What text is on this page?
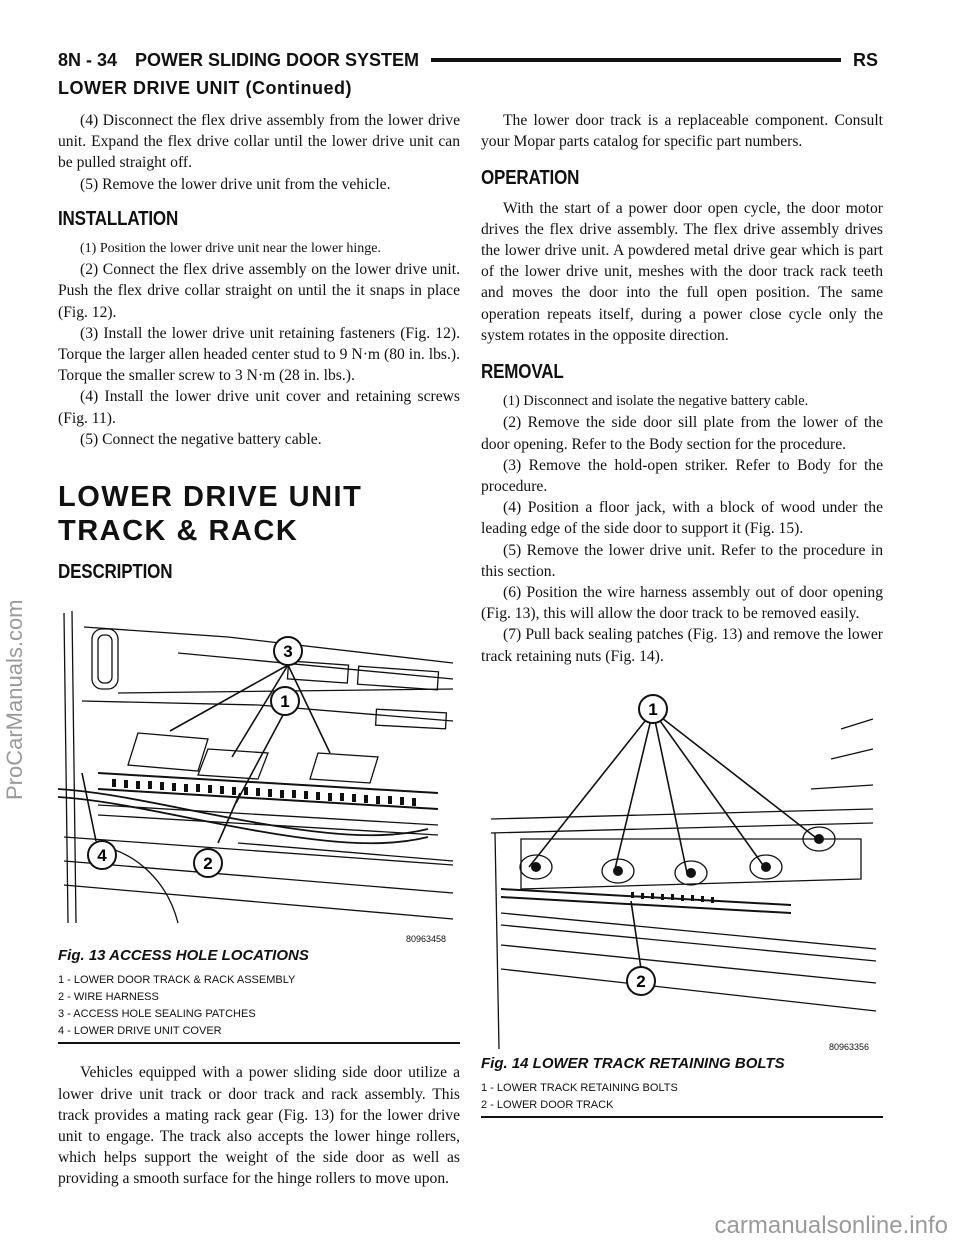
ProCarManuals.com
carmanualsonline.info
8N - 34 POWER SLIDING DOOR SYSTEM	RS
LOWER DRIVE UNIT (Continued)

(4) Disconnect the flex drive assembly from the lower drive unit. Expand the flex drive collar until the lower drive unit can be pulled straight off.

(5) Remove the lower drive unit from the vehicle.

INSTALLATION

(1) Position the lower drive unit near the lower hinge.

(2) Connect the flex drive assembly on the lower drive unit. Push the flex drive collar straight on until the it snaps in place (Fig. 12).

(3) Install the lower drive unit retaining fasteners (Fig. 12). Torque the larger allen headed center stud to 9 N·m (80 in. lbs.). Torque the smaller screw to 3 N·m (28 in. lbs.).

(4) Install the lower drive unit cover and retaining screws (Fig. 11).

(5) Connect the negative battery cable.

LOWER DRIVE UNIT TRACK & RACK
DESCRIPTION
3
1
4	2
80963458
Fig. 13 ACCESS HOLE LOCATIONS
1 - LOWER DOOR TRACK & RACK ASSEMBLY
2 - WIRE HARNESS
3 - ACCESS HOLE SEALING PATCHES
4 - LOWER DRIVE UNIT COVER

Vehicles equipped with a power sliding side door utilize a lower drive unit track or door track and rack assembly. This track provides a mating rack gear (Fig. 13) for the lower drive unit to engage. The track also accepts the lower hinge rollers, which helps support the weight of the side door as well as providing a smooth surface for the hinge rollers to move upon.

The lower door track is a replaceable component. Consult your Mopar parts catalog for specific part numbers.

OPERATION

With the start of a power door open cycle, the door motor drives the flex drive assembly. The flex drive assembly drives the lower drive unit. A powdered metal drive gear which is part of the lower drive unit, meshes with the door track rack teeth and moves the door into the full open position. The same operation repeats itself, during a power close cycle only the system rotates in the opposite direction.

REMOVAL

(1) Disconnect and isolate the negative battery cable.

(2) Remove the side door sill plate from the lower of the door opening. Refer to the Body section for the procedure.

(3) Remove the hold-open striker. Refer to Body for the procedure.

(4) Position a floor jack, with a block of wood under the leading edge of the side door to support it (Fig. 15).

(5) Remove the lower drive unit. Refer to the procedure in this section.

(6) Position the wire harness assembly out of door opening (Fig. 13), this will allow the door track to be removed easily.

(7) Pull back sealing patches (Fig. 13) and remove the lower track retaining nuts (Fig. 14).

1
2
80963356
Fig. 14 LOWER TRACK RETAINING BOLTS
1 - LOWER TRACK RETAINING BOLTS
2 - LOWER DOOR TRACK
